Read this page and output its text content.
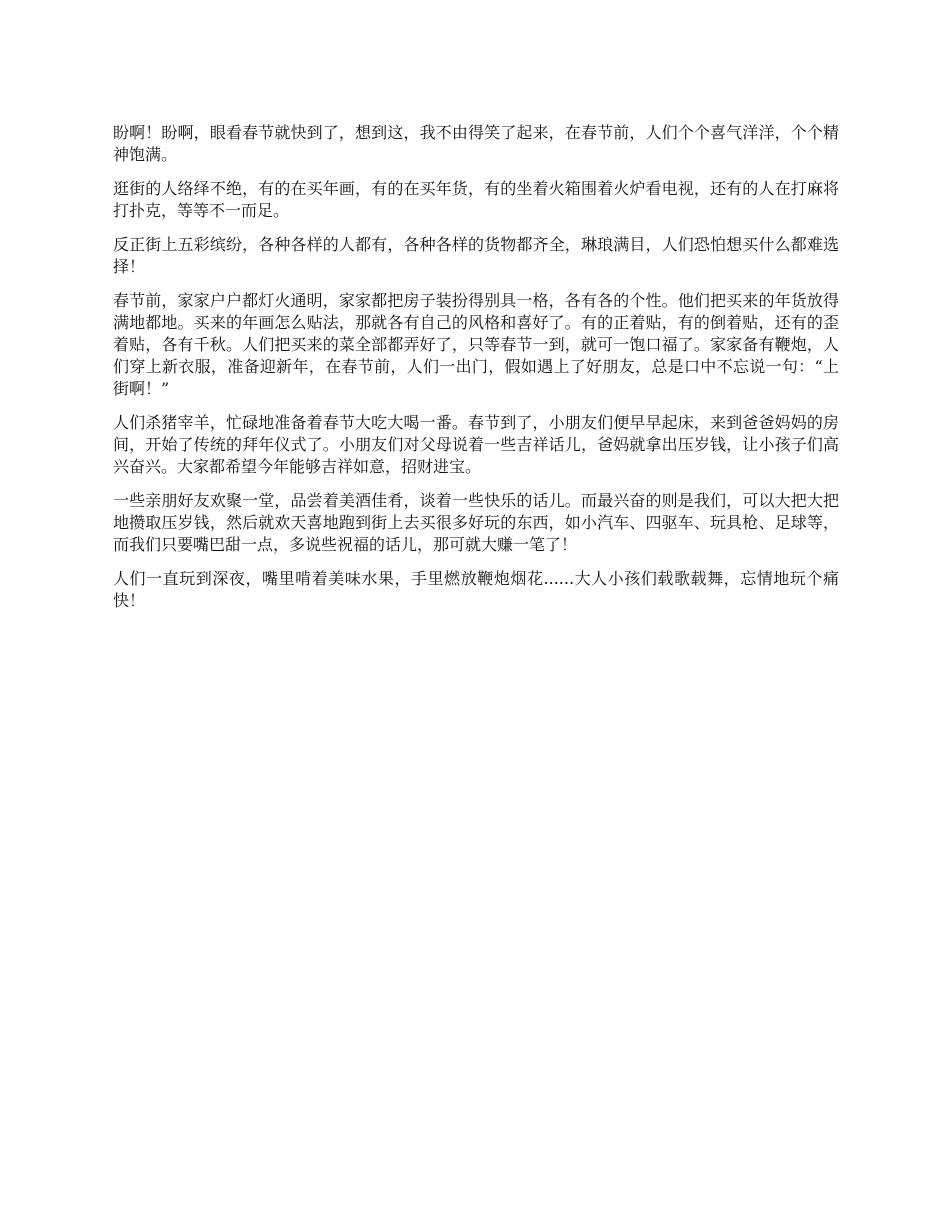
盼啊！盼啊，眼看春节就快到了，想到这，我不由得笑了起来，在春节前，人们个个喜气洋洋，个个精神饱满。

逛街的人络绎不绝，有的在买年画，有的在买年货，有的坐着火箱围着火炉看电视，还有的人在打麻将打扑克，等等不一而足。

反正街上五彩缤纷，各种各样的人都有，各种各样的货物都齐全，琳琅满目，人们恐怕想买什么都难选择！

春节前，家家户户都灯火通明，家家都把房子装扮得别具一格，各有各的个性。他们把买来的年货放得满地都地。买来的年画怎么贴法，那就各有自己的风格和喜好了。有的正着贴，有的倒着贴，还有的歪着贴，各有千秋。人们把买来的菜全部都弄好了，只等春节一到，就可一饱口福了。家家备有鞭炮，人们穿上新衣服，准备迎新年，在春节前，人们一出门，假如遇上了好朋友，总是口中不忘说一句：“上街啊！”

人们杀猪宰羊，忙碌地准备着春节大吃大喝一番。春节到了，小朋友们便早早起床，来到爸爸妈妈的房间，开始了传统的拜年仪式了。小朋友们对父母说着一些吉祥话儿，爸妈就拿出压岁钱，让小孩子们高兴奋兴。大家都希望今年能够吉祥如意，招财进宝。

一些亲朋好友欢聚一堂，品尝着美酒佳肴，谈着一些快乐的话儿。而最兴奋的则是我们，可以大把大把地攒取压岁钱，然后就欢天喜地跑到街上去买很多好玩的东西，如小汽车、四驱车、玩具枪、足球等，而我们只要嘴巴甜一点，多说些祝福的话儿，那可就大赚一笔了！

人们一直玩到深夜，嘴里啃着美味水果，手里燃放鞭炮烟花......大人小孩们载歌载舞，忘情地玩个痛快！
